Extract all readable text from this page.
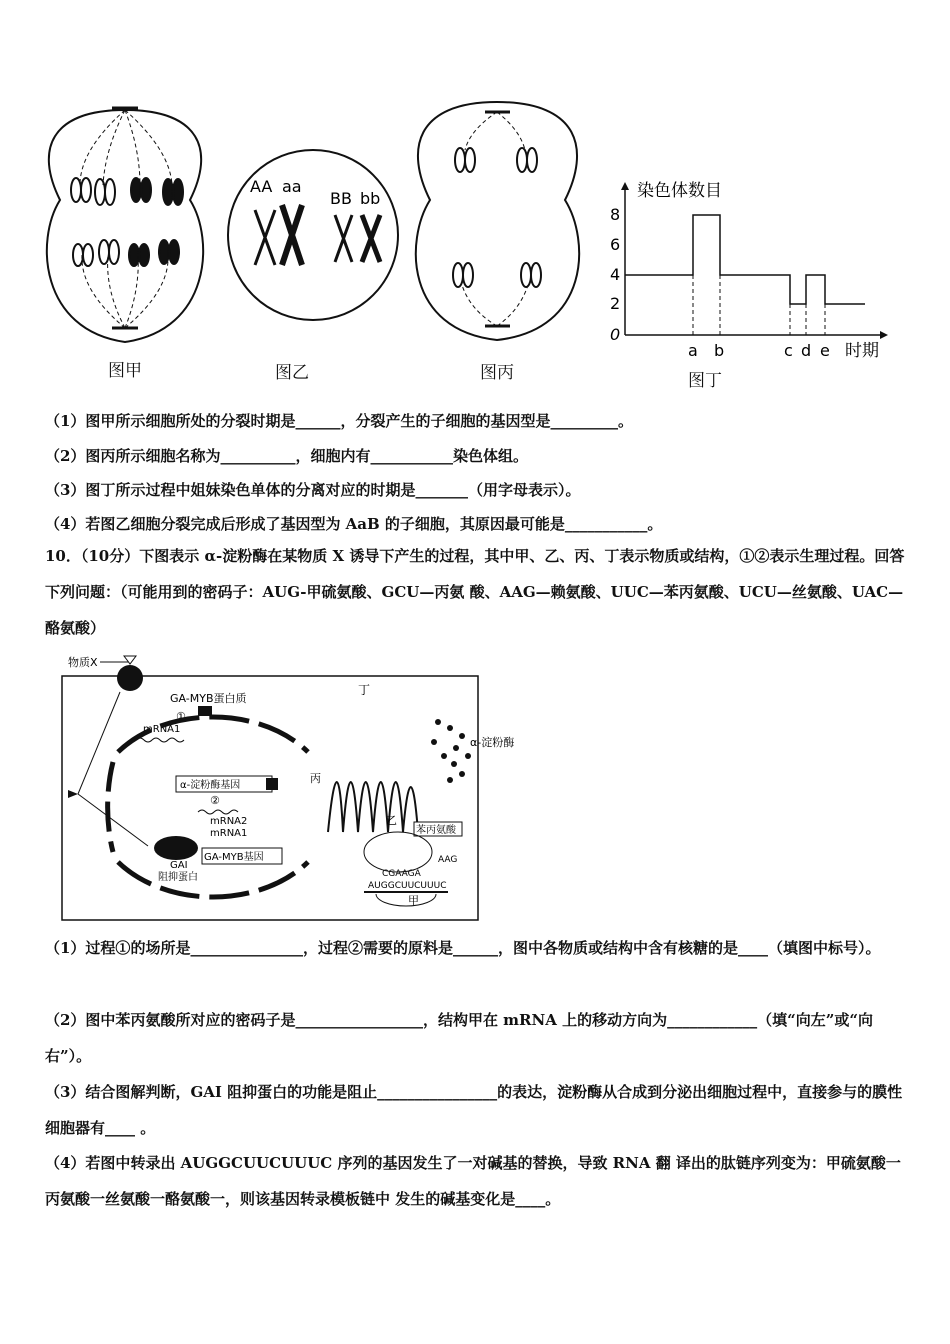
AA aa
BB bb	染色体数目
8
6
4
2
0
a b	c d e 时期
图甲	图乙	图丙	图丁
（1）图甲所示细胞所处的分裂时期是______，分裂产生的子细胞的基因型是_________。
（2）图丙所示细胞名称为__________，细胞内有___________染色体组。
（3）图丁所示过程中姐妹染色单体的分离对应的时期是_______（用字母表示）。
（4）若图乙细胞分裂完成后形成了基因型为 AaB 的子细胞，其原因最可能是___________。
10．（10分）下图表示 α-淀粉酶在某物质 X 诱导下产生的过程，其中甲、乙、丙、丁表示物质或结构，①②表示生理过程。回答下列问题：（可能用到的密码子：AUG-甲硫氨酸、GCU—丙氨 酸、AAG—赖氨酸、UUC—苯丙氨酸、UCU—丝氨酸、UAC—酪氨酸）
物质X
GA-MYB蛋白质
①
mRNA1
丁
α-淀粉酶基因
②
mRNA2
mRNA1
GA-MYB基因
GAI
阻抑蛋白
丙
乙
α-淀粉酶
苯丙氨酸
AAG
CGAAGA
AUGGCUUCUUUC
甲
（1）过程①的场所是_______________，过程②需要的原料是______，图中各物质或结构中含有核糖的是____（填图中标号）。
（2）图中苯丙氨酸所对应的密码子是_________________，结构甲在 mRNA 上的移动方向为____________（填“向左”或“向右”）。
（3）结合图解判断，GAI 阻抑蛋白的功能是阻止________________的表达，淀粉酶从合成到分泌出细胞过程中，直接参与的膜性细胞器有____ 。
（4）若图中转录出 AUGGCUUCUUUC 序列的基因发生了一对碱基的替换，导致 RNA 翻 译出的肽链序列变为：甲硫氨酸一丙氨酸一丝氨酸一酪氨酸一，则该基因转录模板链中 发生的碱基变化是____。
